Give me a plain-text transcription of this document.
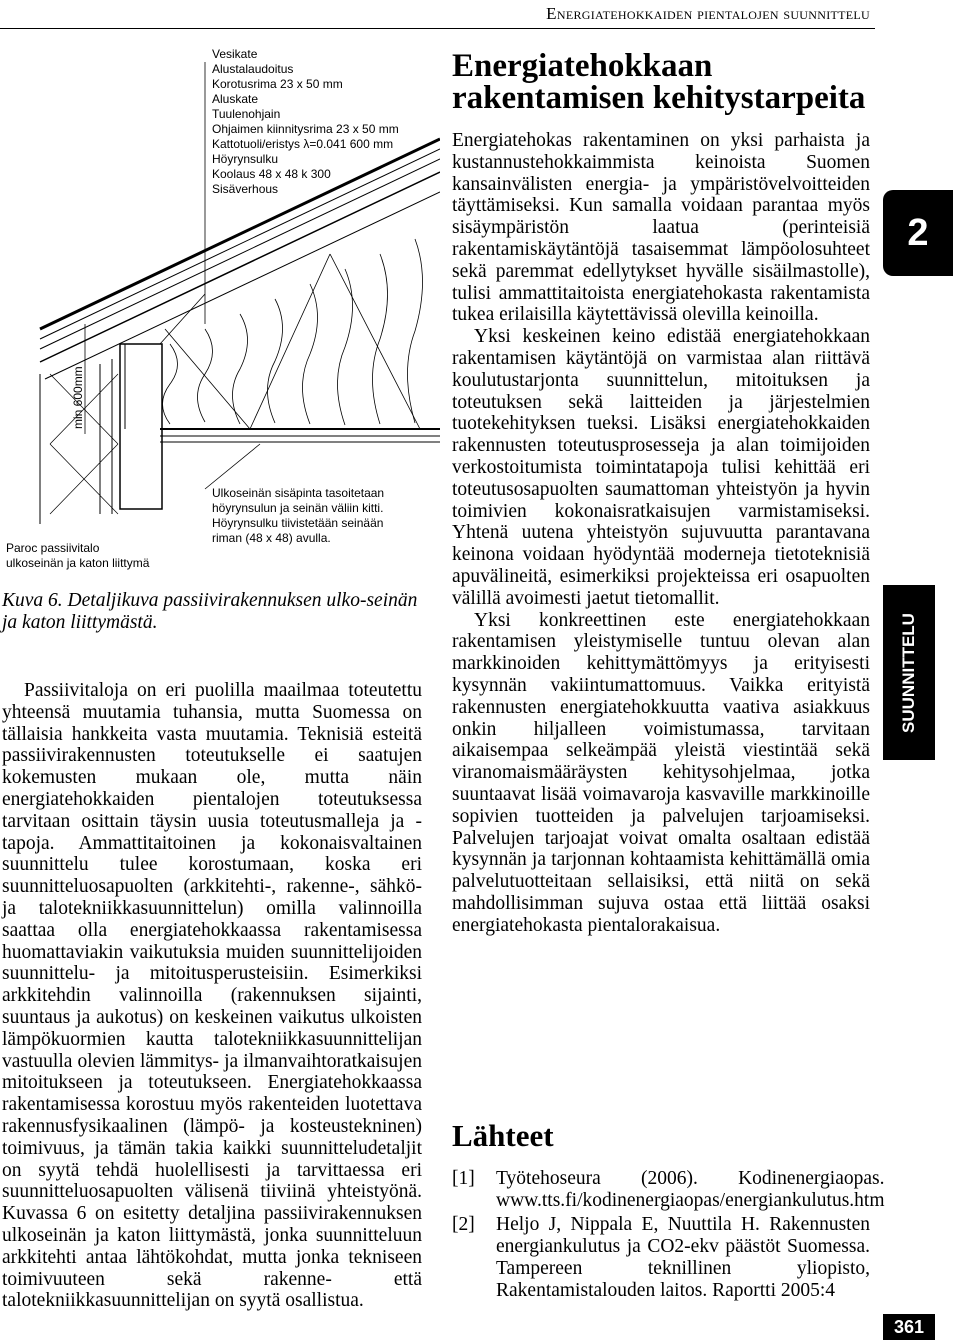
Energiatehokkaiden pientalojen suunnittelu
Vesikate
Alustalaudoitus
Korotusrima 23 x 50 mm
Aluskate
Tuulenohjain
Ohjaimen kiinnitysrima 23 x 50 mm
Kattotuoli/eristys λ=0.041 600 mm
Höyrynsulku
Koolaus 48 x 48 k 300
Sisäverhous
min 600mm
Ulkoseinän sisäpinta tasoitetaan
höyrynsulun ja seinän väliin kitti.
Höyrynsulku tiivistetään seinään
riman (48 x 48) avulla.
Paroc passiivitalo
ulkoseinän ja katon liittymä
Kuva 6. Detaljikuva passiivirakennuksen ulko-seinän ja katon liittymästä.

Passiivitaloja on eri puolilla maailmaa toteutettu yhteensä muutamia tuhansia, mutta Suomessa on tällaisia hankkeita vasta muutamia. Teknisiä esteitä passiivirakennusten toteutukselle ei saatujen kokemusten mukaan ole, mutta näin energiatehokkaiden pientalojen toteutuksessa tarvitaan osittain täysin uusia toteutusmalleja ja -tapoja. Ammattitaitoinen ja kokonaisvaltainen suunnittelu tulee korostumaan, koska eri suunnitteluosapuolten (arkkitehti-, rakenne-, sähkö- ja talotekniikkasuunnittelun) omilla valinnoilla saattaa olla energiatehokkaassa rakentamisessa huomattaviakin vaikutuksia muiden suunnittelijoiden suunnittelu- ja mitoitusperusteisiin. Esimerkiksi arkkitehdin valinnoilla (rakennuksen sijainti, suuntaus ja aukotus) on keskeinen vaikutus ulkoisten lämpökuormien kautta talotekniikkasuunnittelijan vastuulla olevien lämmitys- ja ilmanvaihtoratkaisujen mitoitukseen ja toteutukseen. Energiatehokkaassa rakentamisessa korostuu myös rakenteiden luotettava rakennusfysikaalinen (lämpö- ja kosteustekninen) toimivuus, ja tämän takia kaikki suunnitteludetaljit on syytä tehdä huolellisesti ja tarvittaessa eri suunnitteluosapuolten välisenä tiiviinä yhteistyönä. Kuvassa 6 on esitetty detaljina passiivirakennuksen ulkoseinän ja katon liittymästä, jonka suunnitteluun arkkitehti antaa lähtökohdat, mutta jonka tekniseen toimivuuteen sekä rakenne- että talotekniikkasuunnittelijan on syytä osallistua.

Energiatehokkaan rakentamisen kehitystarpeita

Energiatehokas rakentaminen on yksi parhaista ja kustannustehokkaimmista keinoista Suomen kansainvälisten energia- ja ympäristövelvoitteiden täyttämiseksi. Kun samalla voidaan parantaa myös sisäympäristön laatua (perinteisiä rakentamiskäytäntöjä tasaisemmat lämpöolosuhteet sekä paremmat edellytykset hyvälle sisäilmastolle), tulisi ammattitaitoista energiatehokasta rakentamista tukea erilaisilla käytettävissä olevilla keinoilla.

Yksi keskeinen keino edistää energiatehokkaan rakentamisen käytäntöjä on varmistaa alan riittävä koulutustarjonta suunnittelun, mitoituksen ja toteutuksen sekä laitteiden ja järjestelmien tuotekehityksen tueksi. Lisäksi energiatehokkaiden rakennusten toteutusprosesseja ja alan toimijoiden verkostoitumista toimintatapoja tulisi kehittää eri toteutusosapuolten saumattoman yhteistyön ja hyvin toimivien kokonaisratkaisujen varmistamiseksi. Yhtenä uutena yhteistyön sujuvuutta parantavana keinona voidaan hyödyntää moderneja tietoteknisiä apuvälineitä, esimerkiksi projekteissa eri osapuolten välillä avoimesti jaetut tietomallit.

Yksi konkreettinen este energiatehokkaan rakentamisen yleistymiselle tuntuu olevan alan markkinoiden kehittymättömyys ja erityisesti kysynnän vakiintumattomuus. Vaikka erityistä rakennusten energiatehokkuutta vaativa asiakkuus onkin hiljalleen voimistumassa, tarvitaan aikaisempaa selkeämpää yleistä viestintää sekä viranomaismääräysten kehitysohjelmaa, jotka suuntaavat lisää voimavaroja kasvaville markkinoille sopivien tuotteiden ja palvelujen tarjoamiseksi. Palvelujen tarjoajat voivat omalta osaltaan edistää kysynnän ja tarjonnan kohtaamista kehittämällä omia palvelutuotteitaan sellaisiksi, että niitä on sekä mahdollisimman sujuva ostaa että liittää osaksi energiatehokasta pientalorakaisua.

Lähteet
[1]	Työtehoseura (2006). Kodinenergiaopas. www.tts.fi/kodinenergiaopas/energiankulutus.htm
[2]	Heljo J, Nippala E, Nuuttila H. Rakennusten energiankulutus ja CO2-ekv päästöt Suomessa. Tampereen teknillinen yliopisto, Rakentamistalouden laitos. Raportti 2005:4
2
SUUNNITTELU
361
